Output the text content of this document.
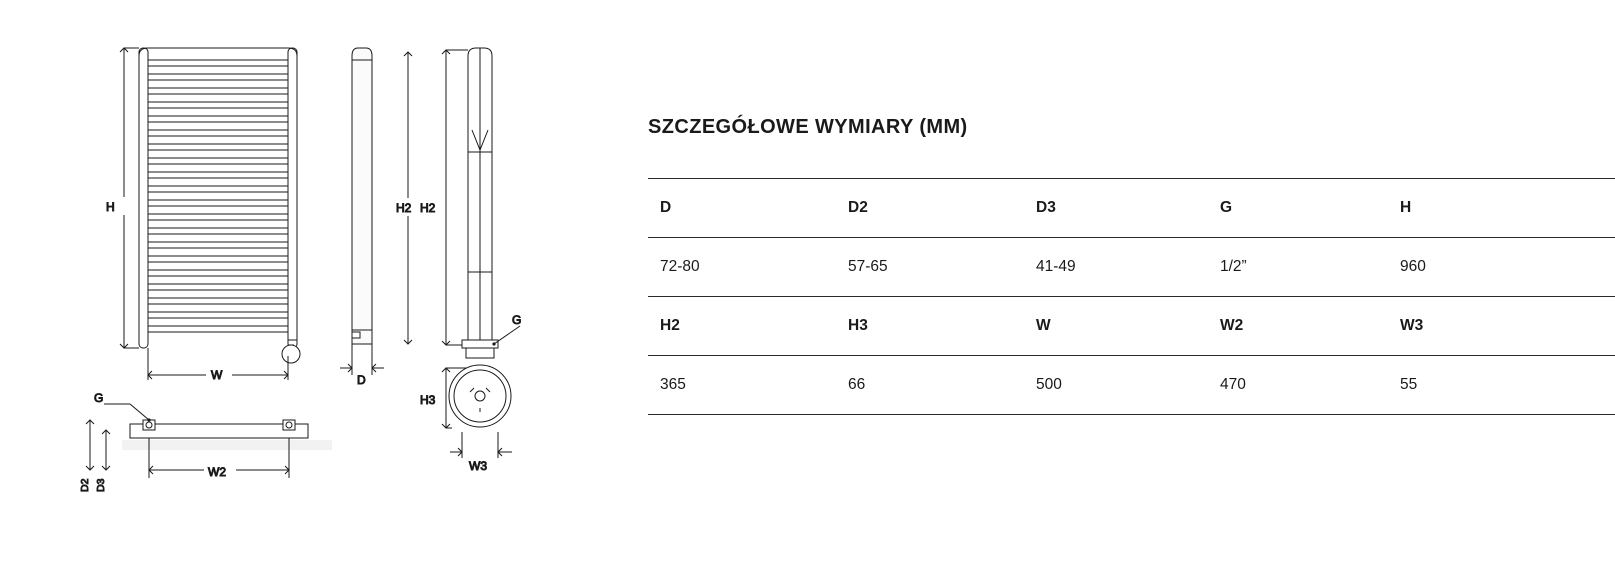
H
W
H2
D
G
H2
H3
W3
G
D2 D3
W2
SZCZEGÓŁOWE WYMIARY (MM)
D	D2	D3	G	H
72-80	57-65	41-49	1/2”	960
H2	H3	W	W2	W3
365	66	500	470	55
